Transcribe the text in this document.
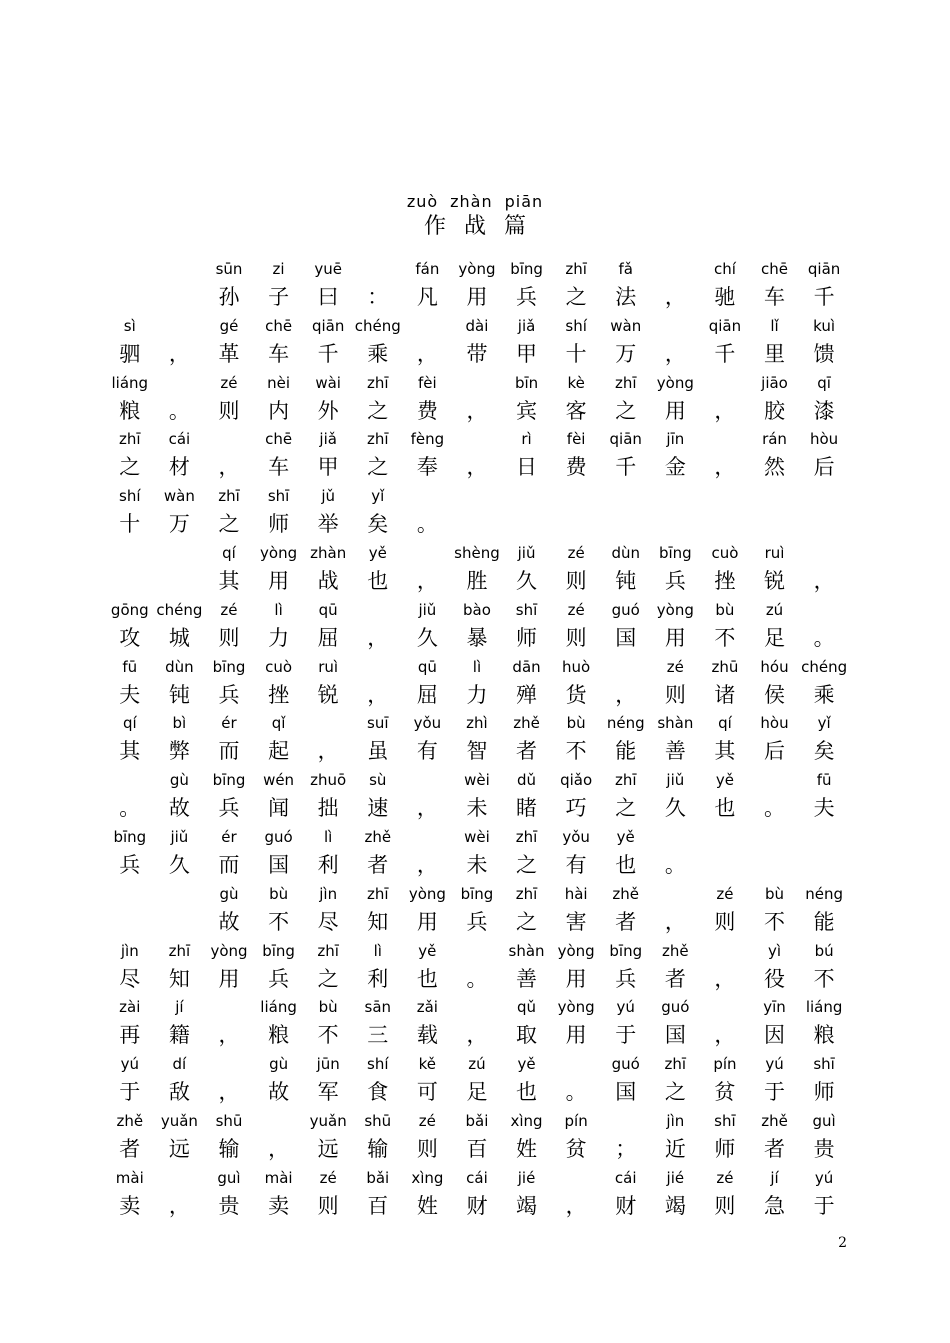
zuò zhàn piān
作战篇
sūn
孙
zi
子
yuē
曰	：
fán
凡
yòng
用
bīng
兵
zhī
之
fǎ
法	，
chí
驰
chē
车
qiān
千
sì
驷	，
gé
革
chē
车
qiān
千
chéng
乘	，
dài
带
jiǎ
甲
shí
十
wàn
万	，
qiān
千
lǐ
里
kuì
馈
liáng
粮	。
zé
则
nèi
内
wài
外
zhī
之
fèi
费	，
bīn
宾
kè
客
zhī
之
yòng
用	，
jiāo
胶
qī
漆
zhī
之
cái
材	，
chē
车
jiǎ
甲
zhī
之
fèng
奉	，
rì
日
fèi
费
qiān
千
jīn
金	，
rán
然
hòu
后
shí
十
wàn
万
zhī
之
shī
师
jǔ
举
yǐ
矣	。
qí
其
yòng
用
zhàn
战
yě
也	，
shèng
胜
jiǔ
久
zé
则
dùn
钝
bīng
兵
cuò
挫
ruì
锐	，
gōng
攻
chéng
城
zé
则
lì
力
qū
屈	，
jiǔ
久
bào
暴
shī
师
zé
则
guó
国
yòng
用
bù
不
zú
足	。
fū
夫
dùn
钝
bīng
兵
cuò
挫
ruì
锐	，
qū
屈
lì
力
dān
殚
huò
货	，
zé
则
zhū
诸
hóu
侯
chéng
乘
qí
其
bì
弊
ér
而
qǐ
起	，
suī
虽
yǒu
有
zhì
智
zhě
者
bù
不
néng
能
shàn
善
qí
其
hòu
后
yǐ
矣
。
gù
故
bīng
兵
wén
闻
zhuō
拙
sù
速	，
wèi
未
dǔ
睹
qiǎo
巧
zhī
之
jiǔ
久
yě
也	。
fū
夫
bīng
兵
jiǔ
久
ér
而
guó
国
lì
利
zhě
者	，
wèi
未
zhī
之
yǒu
有
yě
也	。
gù
故
bù
不
jìn
尽
zhī
知
yòng
用
bīng
兵
zhī
之
hài
害
zhě
者	，
zé
则
bù
不
néng
能
jìn
尽
zhī
知
yòng
用
bīng
兵
zhī
之
lì
利
yě
也	。
shàn
善
yòng
用
bīng
兵
zhě
者	，
yì
役
bú
不
zài
再
jí
籍	，
liáng
粮
bù
不
sān
三
zǎi
载	，
qǔ
取
yòng
用
yú
于
guó
国	，
yīn
因
liáng
粮
yú
于
dí
敌	，
gù
故
jūn
军
shí
食
kě
可
zú
足
yě
也	。
guó
国
zhī
之
pín
贫
yú
于
shī
师
zhě
者
yuǎn
远
shū
输	，
yuǎn
远
shū
输
zé
则
bǎi
百
xìng
姓
pín
贫	；
jìn
近
shī
师
zhě
者
guì
贵
mài
卖	，
guì
贵
mài
卖
zé
则
bǎi
百
xìng
姓
cái
财
jié
竭	，
cái
财
jié
竭
zé
则
jí
急
yú
于
2
